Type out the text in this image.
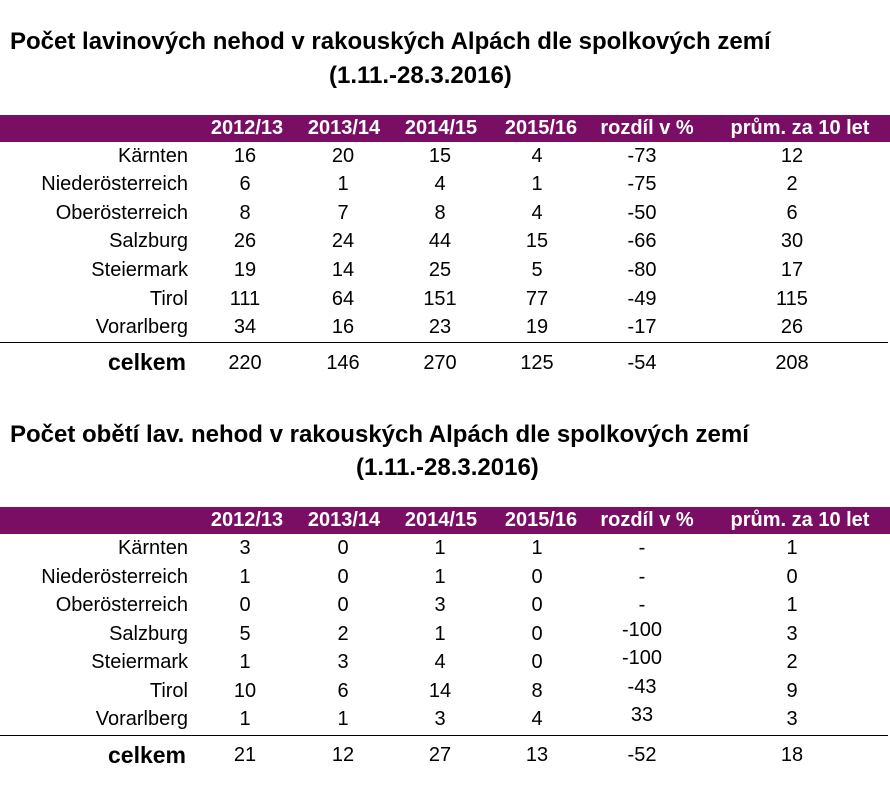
Počet lavinových nehod v rakouských Alpách dle spolkových zemí
(1.11.-28.3.2016)
2012/13	2013/14	2014/15	2015/16	rozdíl v %	prům. za 10 let
Kärnten	16	20	15	4	-73	12
Niederösterreich	6	1	4	1	-75	2
Oberösterreich	8	7	8	4	-50	6
Salzburg	26	24	44	15	-66	30
Steiermark	19	14	25	5	-80	17
Tirol	111	64	151	77	-49	115
Vorarlberg	34	16	23	19	-17	26
celkem	220	146	270	125	-54	208
Počet obětí lav. nehod v rakouských Alpách dle spolkových zemí
(1.11.-28.3.2016)
2012/13	2013/14	2014/15	2015/16	rozdíl v %	prům. za 10 let
Kärnten	3	0	1	1	-	1
Niederösterreich	1	0	1	0	-	0
Oberösterreich	0	0	3	0	-	1
Salzburg	5	2	1	0	-100	3
Steiermark	1	3	4	0	-100	2
Tirol	10	6	14	8	-43	9
Vorarlberg	1	1	3	4	33	3
celkem	21	12	27	13	-52	18
